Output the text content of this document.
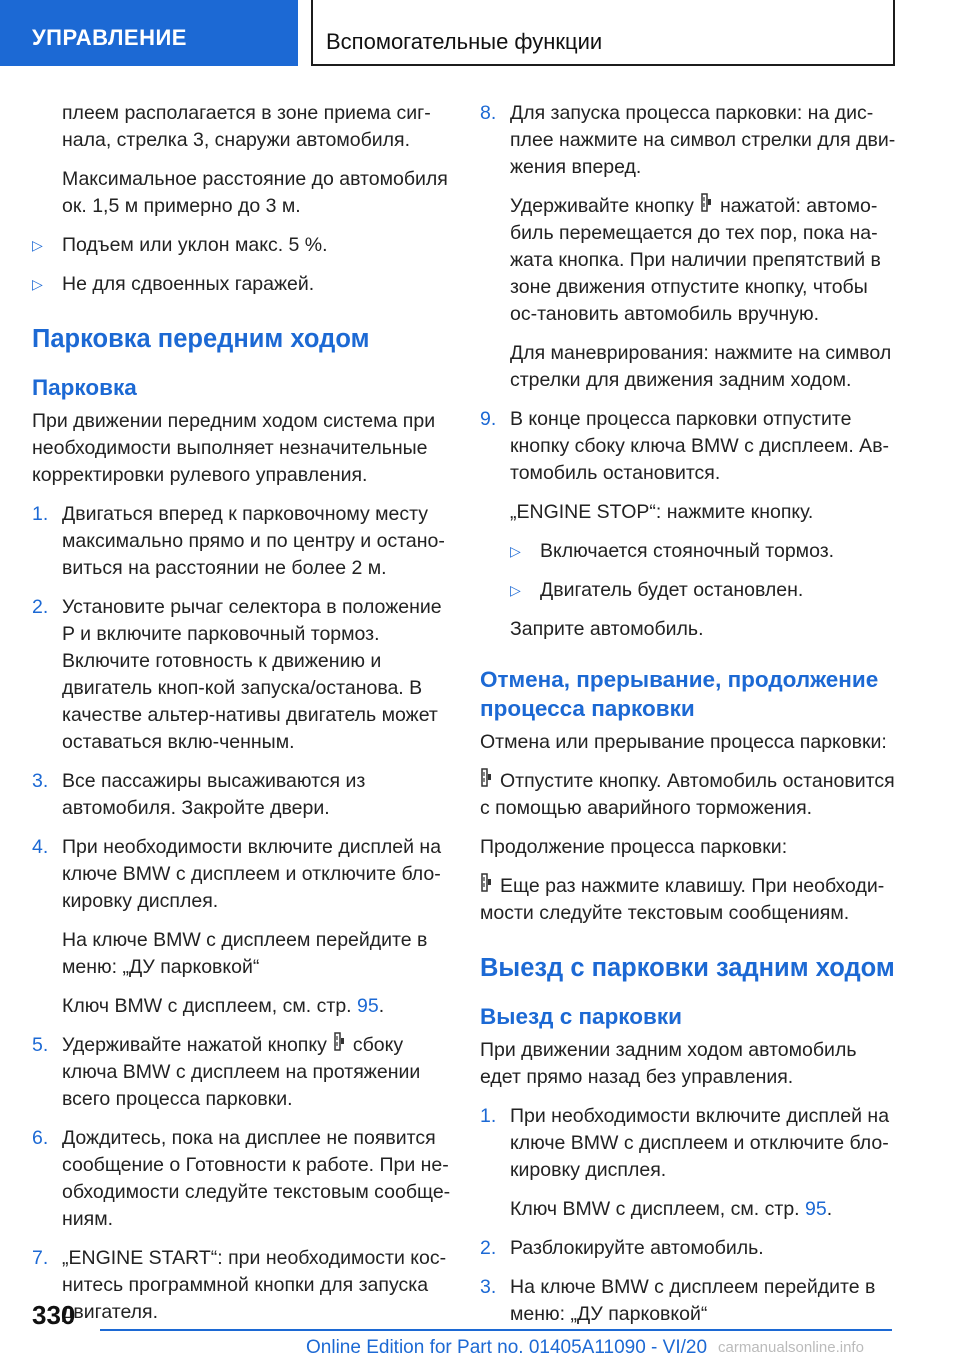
УПРАВЛЕНИЕ	Вспомогательные функции

плеем располагается в зоне приема сиг-нала, стрелка 3, снаружи автомобиля.

Максимальное расстояние до автомобиля ок. 1,5 м примерно до 3 м.

▷ Подъем или уклон макс. 5 %.
▷ Не для сдвоенных гаражей.
Парковка передним ходом
Парковка

При движении передним ходом система при необходимости выполняет незначительные корректировки рулевого управления.

1. Двигаться вперед к парковочному месту максимально прямо и по центру и остано-виться на расстоянии не более 2 м.
2. Установите рычаг селектора в положение P и включите парковочный тормоз. Включите готовность к движению и двигатель кноп-кой запуска/останова. В качестве альтер-нативы двигатель может оставаться вклю-ченным.
3. Все пассажиры высаживаются из автомобиля. Закройте двери.
4. При необходимости включите дисплей на ключе BMW с дисплеем и отключите бло-кировку дисплея.

На ключе BMW с дисплеем перейдите в меню: „ДУ парковкой“

Ключ BMW с дисплеем, см. стр. 95.

5. Удерживайте нажатой кнопку сбоку ключа BMW с дисплеем на протяжении всего процесса парковки.
6. Дождитесь, пока на дисплее не появится сообщение о Готовности к работе. При не-обходимости следуйте текстовым сообще-ниям.
7. „ENGINE START“: при необходимости кос-нитесь программной кнопки для запуска двигателя.
8. Для запуска процесса парковки: на дис-плее нажмите на символ стрелки для дви-жения вперед.

Удерживайте кнопку нажатой: автомо-биль перемещается до тех пор, пока на-жата кнопка. При наличии препятствий в зоне движения отпустите кнопку, чтобы ос-тановить автомобиль вручную.

Для маневрирования: нажмите на символ стрелки для движения задним ходом.

9. В конце процесса парковки отпустите кнопку сбоку ключа BMW с дисплеем. Ав-томобиль остановится.

„ENGINE STOP“: нажмите кнопку.

▷ Включается стояночный тормоз.
▷ Двигатель будет остановлен.

Заприте автомобиль.

Отмена, прерывание, продолжение процесса парковки

Отмена или прерывание процесса парковки:

Отпустите кнопку. Автомобиль остановится с помощью аварийного торможения.

Продолжение процесса парковки:

Еще раз нажмите клавишу. При необходи-мости следуйте текстовым сообщениям.

Выезд с парковки задним ходом
Выезд с парковки

При движении задним ходом автомобиль едет прямо назад без управления.

1. При необходимости включите дисплей на ключе BMW с дисплеем и отключите бло-кировку дисплея.

Ключ BMW с дисплеем, см. стр. 95.

2. Разблокируйте автомобиль.
3. На ключе BMW с дисплеем перейдите в меню: „ДУ парковкой“
330
Online Edition for Part no. 01405A11090 - VI/20 carmanualsonline.info
